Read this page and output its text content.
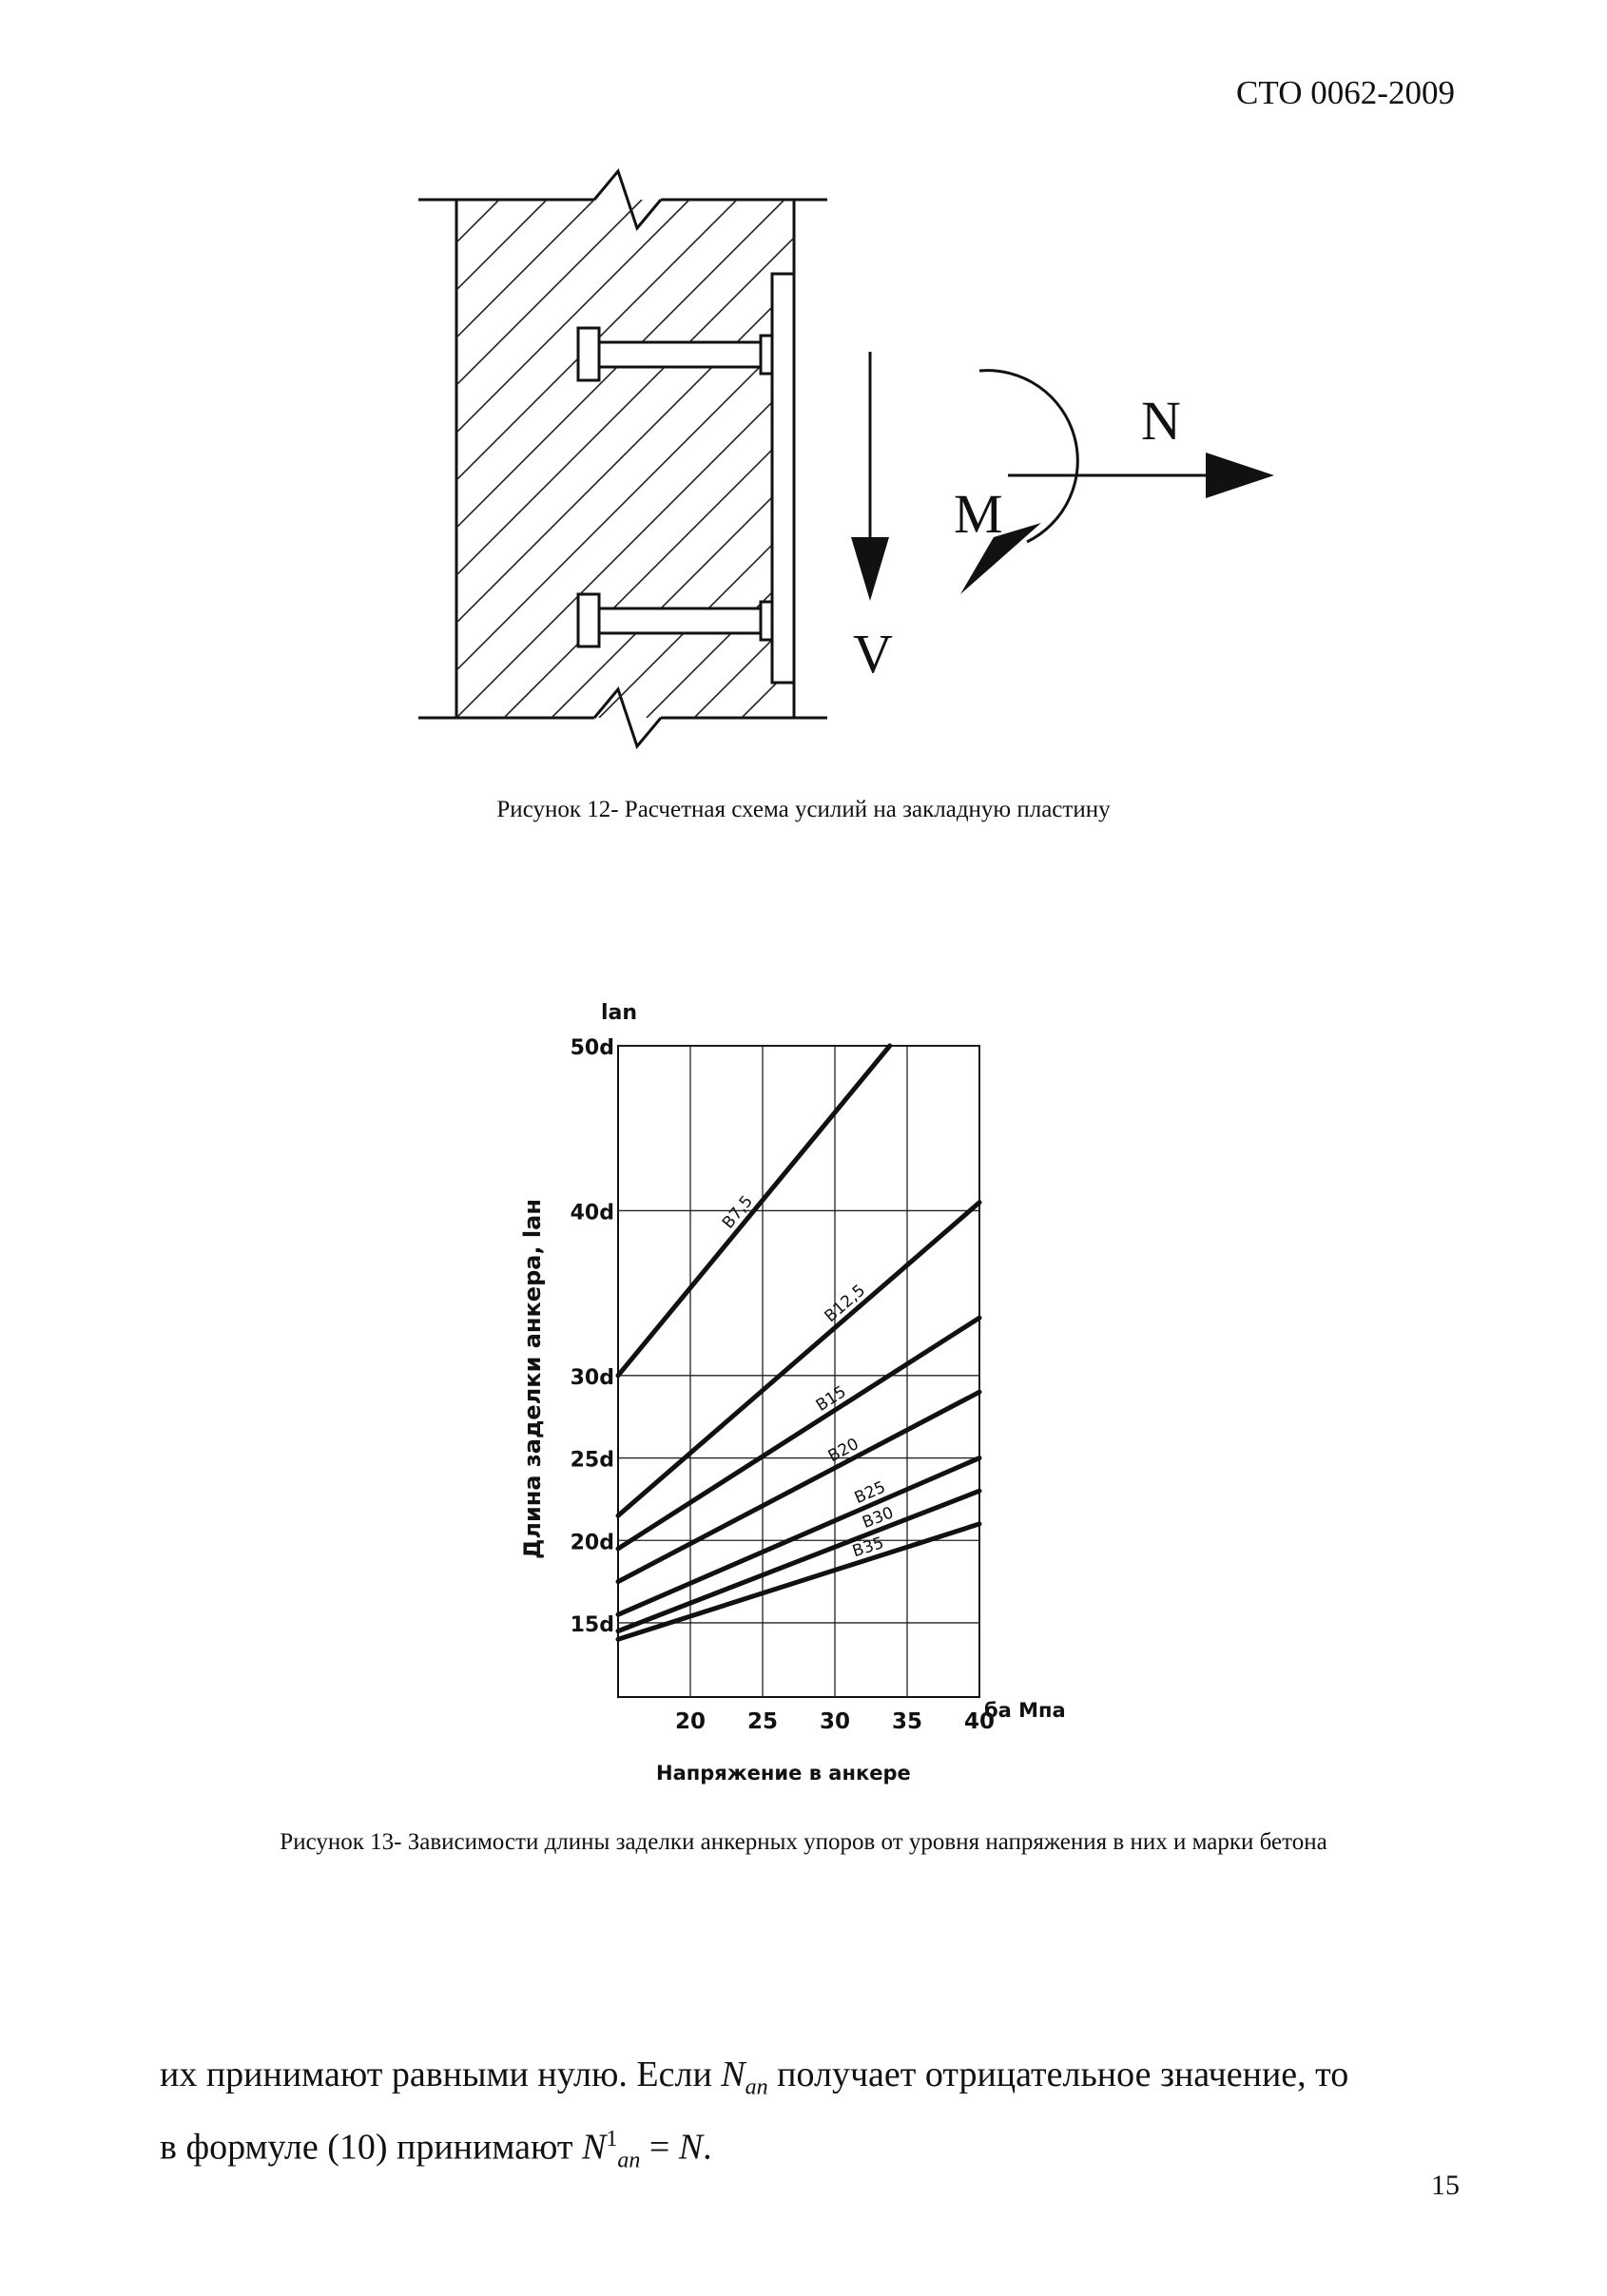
СТО 0062-2009
V
N
M
Рисунок 12- Расчетная схема усилий на закладную пластину
20 25 30 35 40
15d
20d
25d
30d
40d
50d
B7,5
B12,5
B15
B20
B25
B30
B35
Длина заделки анкера, lан
lan
ба Мпа
Напряжение в анкере
Рисунок 13- Зависимости длины заделки анкерных упоров от уровня напряжения в них и марки бетона
их принимают равными нулю. Если $N_{an}$ получает отрицательное значение, то
в формуле (10) принимают $N^1_{an} = N$.
15
